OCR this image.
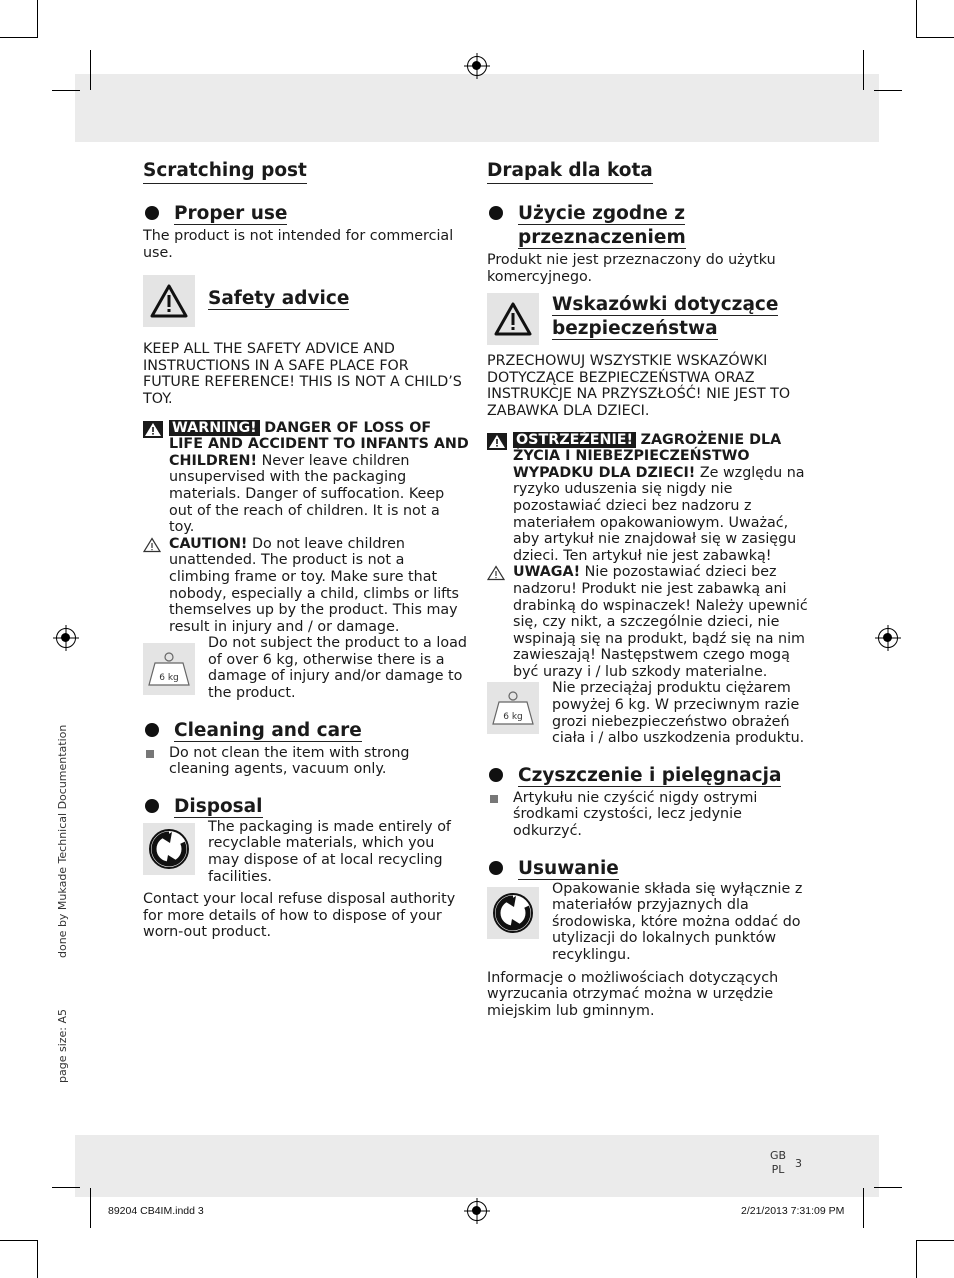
done by Mukade Technical Documentation
page size: A5
Scratching post
Proper use

The product is not intended for commercial use.

Safety advice

KEEP ALL THE SAFETY ADVICE AND INSTRUCTIONS IN A SAFE PLACE FOR FUTURE REFERENCE! THIS IS NOT A CHILD’S TOY.

WARNING! DANGER OF LOSS OF LIFE AND ACCIDENT TO INFANTS AND CHILDREN! Never leave children unsupervised with the packaging materials. Danger of suffocation. Keep out of the reach of children. It is not a toy.
CAUTION! Do not leave children unattended. The product is not a climbing frame or toy. Make sure that nobody, especially a child, climbs or lifts themselves up by the product. This may result in injury and / or damage.
6 kg
Do not subject the product to a load of over 6 kg, otherwise there is a damage of injury and/or damage to the product.
Cleaning and care
Do not clean the item with strong cleaning agents, vacuum only.
Disposal
The packaging is made entirely of recyclable materials, which you may dispose of at local recycling facilities.

Contact your local refuse disposal authority for more details of how to dispose of your worn-out product.

Drapak dla kota
Użycie zgodne z
przeznaczeniem

Produkt nie jest przeznaczony do użytku komercyjnego.

Wskazówki dotyczące
bezpieczeństwa

PRZECHOWUJ WSZYSTKIE WSKAZÓWKI DOTYCZĄCE BEZPIECZEŃSTWA ORAZ INSTRUKCJE NA PRZYSZŁOŚĆ! NIE JEST TO ZABAWKA DLA DZIECI.

OSTRZEŻENIE! ZAGROŻENIE DLA ŻYCIA I NIEBEZPIECZEŃSTWO WYPADKU DLA DZIECI! Ze względu na ryzyko uduszenia się nigdy nie pozostawiać dzieci bez nadzoru z materiałem opakowaniowym. Uważać, aby artykuł nie znajdował się w zasięgu dzieci. Ten artykuł nie jest zabawką!
UWAGA! Nie pozostawiać dzieci bez nadzoru! Produkt nie jest zabawką ani drabinką do wspinaczek! Należy upewnić się, czy nikt, a szczególnie dzieci, nie wspinają się na produkt, bądź się na nim zawieszają! Następstwem czego mogą być urazy i / lub szkody materialne.
6 kg
Nie przeciążaj produktu ciężarem powyżej 6 kg. W przeciwnym razie grozi niebezpieczeństwo obrażeń ciała i / albo uszkodzenia produktu.
Czyszczenie i pielęgnacja
Artykułu nie czyścić nigdy ostrymi środkami czystości, lecz jedynie odkurzyć.
Usuwanie
Opakowanie składa się wyłącznie z materiałów przyjaznych dla środowiska, które można oddać do utylizacji do lokalnych punktów recyklingu.

Informacje o możliwościach dotyczących wyrzucania otrzymać można w urzędzie miejskim lub gminnym.

GB
PL 3
89204 CB4IM.indd 3	2/21/2013 7:31:09 PM
